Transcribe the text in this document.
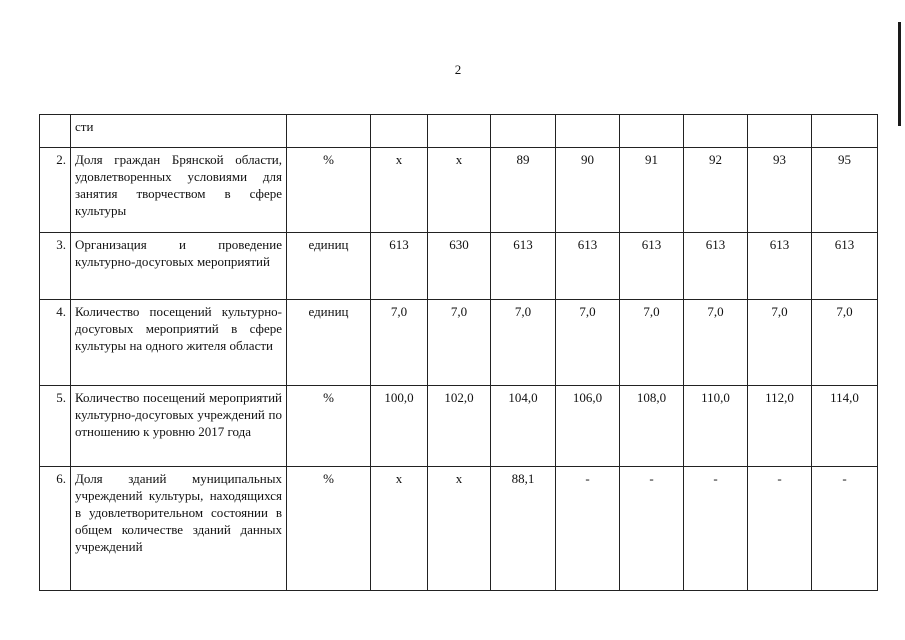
2
	сти									
2.	Доля граждан Брянской области, удовлетворенных условиями для занятия творчеством в сфере культуры	%	х	х	89	90	91	92	93	95
3.	Организация и проведение культурно-досуговых мероприятий	единиц	613	630	613	613	613	613	613	613
4.	Количество посещений культурно-досуговых мероприятий в сфере культуры на одного жителя области	единиц	7,0	7,0	7,0	7,0	7,0	7,0	7,0	7,0
5.	Количество посещений мероприятий культурно-досуговых учреждений по отношению к уровню 2017 года	%	100,0	102,0	104,0	106,0	108,0	110,0	112,0	114,0
6.	Доля зданий муниципальных учреждений культуры, находящихся в удовлетворительном состоянии в общем количестве зданий данных учреждений	%	х	х	88,1	-	-	-	-	-
